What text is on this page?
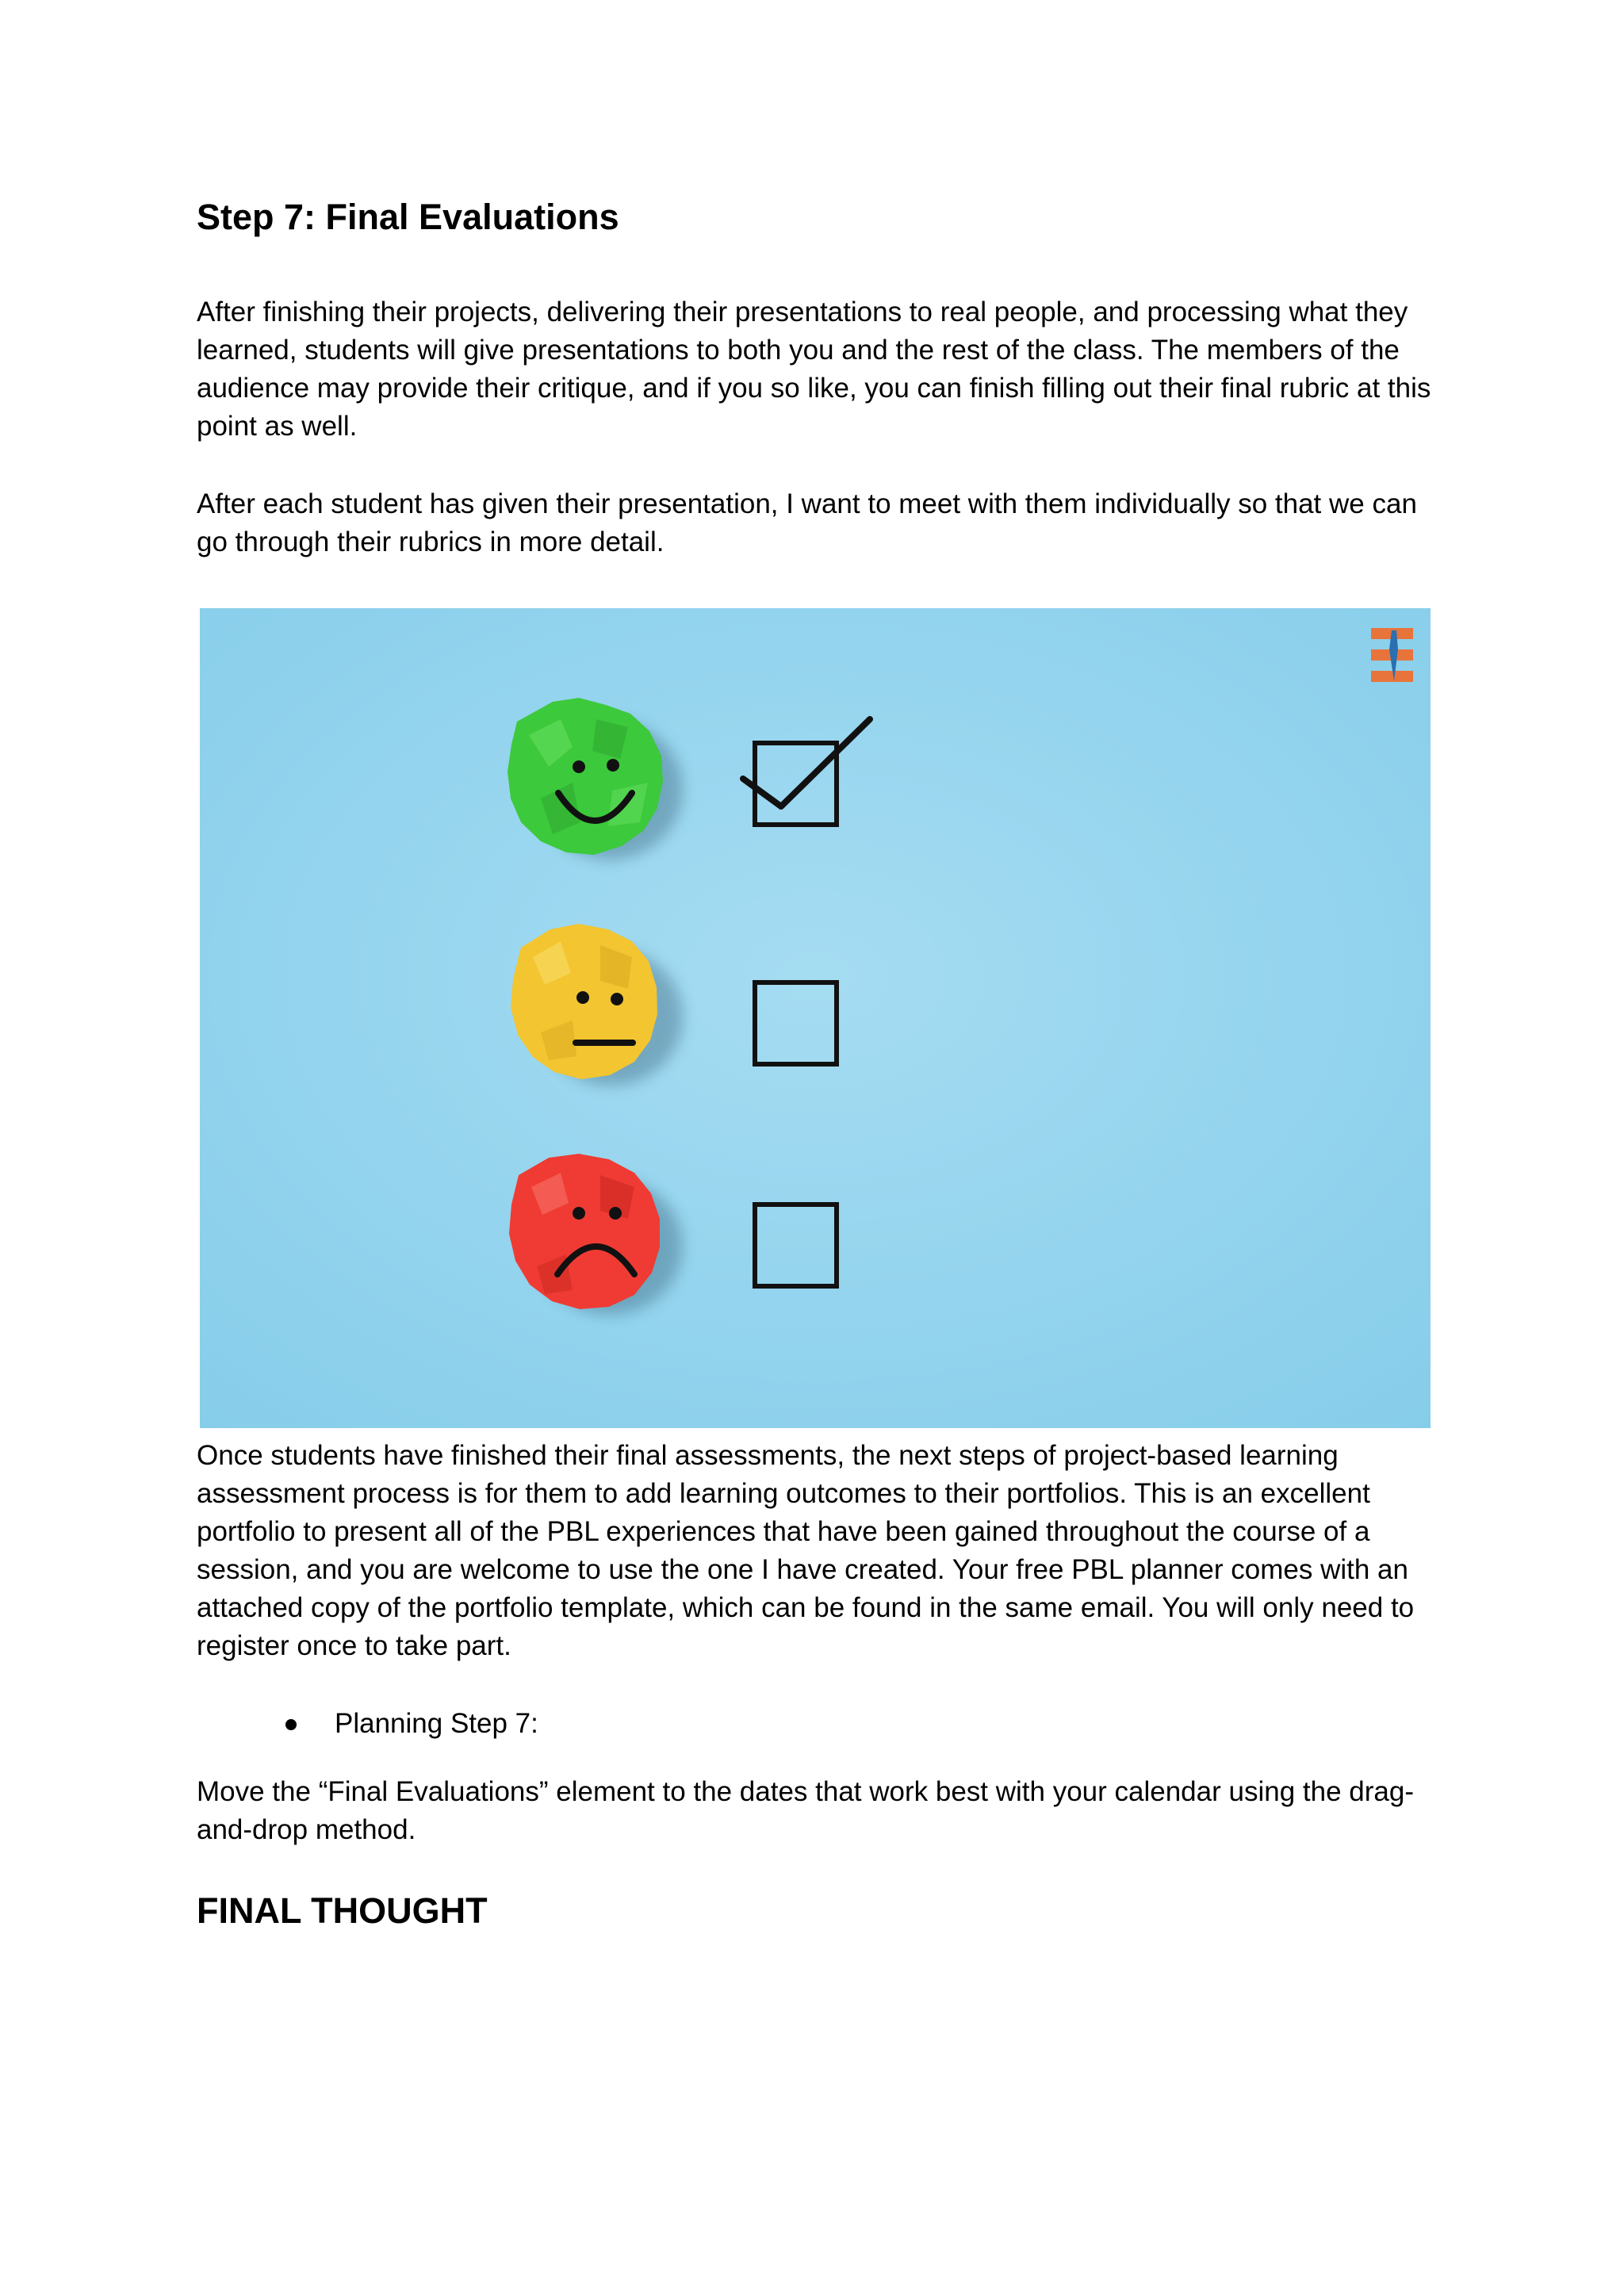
Step 7: Final Evaluations

After finishing their projects, delivering their presentations to real people, and processing what they learned, students will give presentations to both you and the rest of the class. The members of the audience may provide their critique, and if you so like, you can finish filling out their final rubric at this point as well.

After each student has given their presentation, I want to meet with them individually so that we can go through their rubrics in more detail.

Once students have finished their final assessments, the next steps of project-based learning assessment process is for them to add learning outcomes to their portfolios. This is an excellent portfolio to present all of the PBL experiences that have been gained throughout the course of a session, and you are welcome to use the one I have created. Your free PBL planner comes with an attached copy of the portfolio template, which can be found in the same email. You will only need to register once to take part.

Planning Step 7:

Move the “Final Evaluations” element to the dates that work best with your calendar using the drag-and-drop method.

FINAL THOUGHT
